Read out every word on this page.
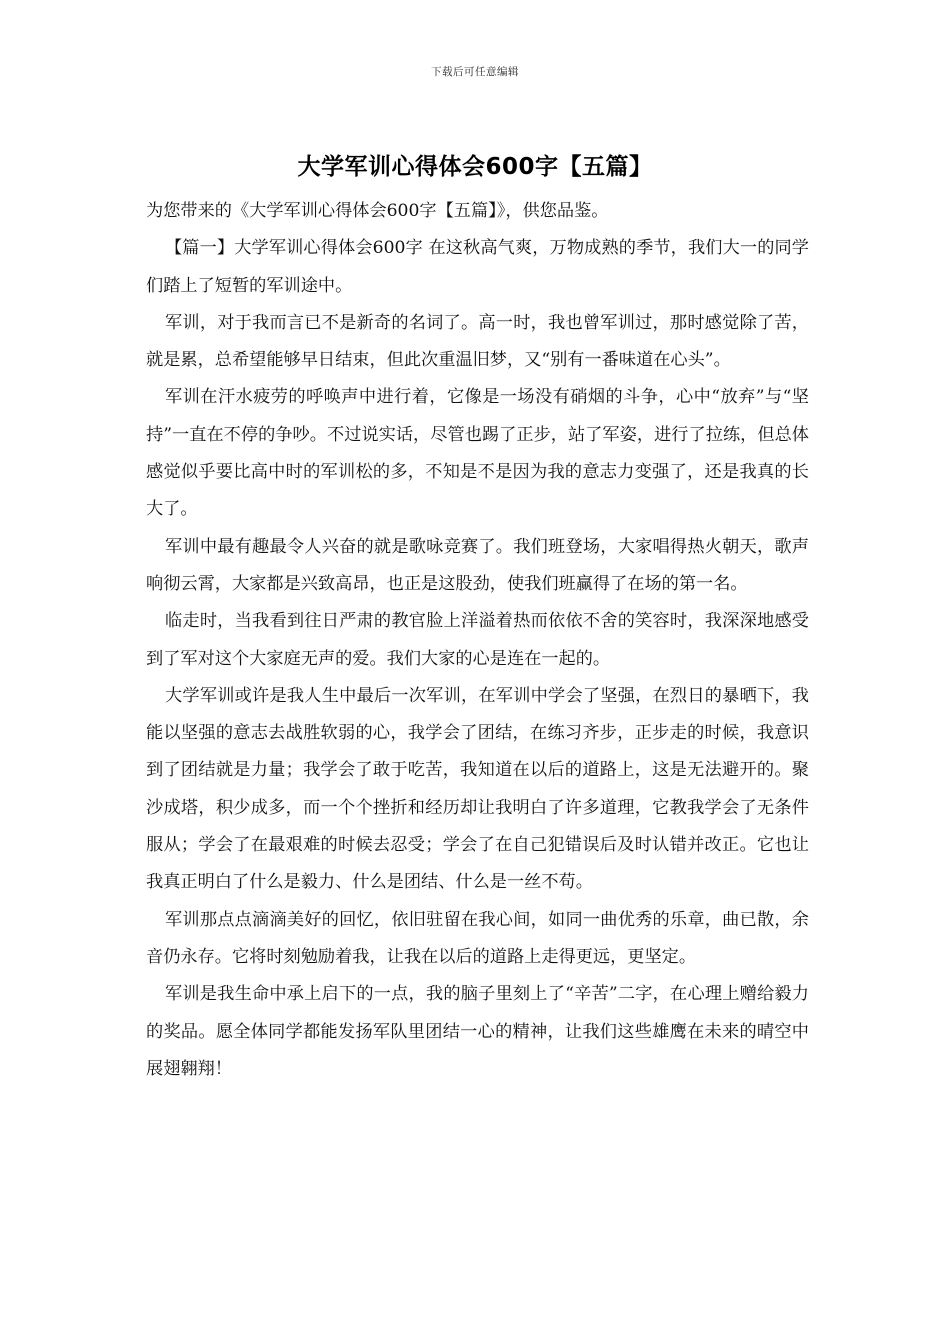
下载后可任意编辑
大学军训心得体会600字【五篇】

为您带来的《大学军训心得体会600字【五篇】》，供您品鉴。

【篇一】大学军训心得体会600字 在这秋高气爽，万物成熟的季节，我们大一的同学们踏上了短暂的军训途中。

军训，对于我而言已不是新奇的名词了。高一时，我也曾军训过，那时感觉除了苦，就是累，总希望能够早日结束，但此次重温旧梦，又“别有一番味道在心头”。

军训在汗水疲劳的呼唤声中进行着，它像是一场没有硝烟的斗争，心中“放弃”与“坚持”一直在不停的争吵。不过说实话，尽管也踢了正步，站了军姿，进行了拉练，但总体感觉似乎要比高中时的军训松的多，不知是不是因为我的意志力变强了，还是我真的长大了。

军训中最有趣最令人兴奋的就是歌咏竞赛了。我们班登场，大家唱得热火朝天，歌声响彻云霄，大家都是兴致高昂，也正是这股劲，使我们班赢得了在场的第一名。

临走时，当我看到往日严肃的教官脸上洋溢着热而依依不舍的笑容时，我深深地感受到了军对这个大家庭无声的爱。我们大家的心是连在一起的。

大学军训或许是我人生中最后一次军训，在军训中学会了坚强，在烈日的暴晒下，我能以坚强的意志去战胜软弱的心，我学会了团结，在练习齐步，正步走的时候，我意识到了团结就是力量；我学会了敢于吃苦，我知道在以后的道路上，这是无法避开的。聚沙成塔，积少成多，而一个个挫折和经历却让我明白了许多道理，它教我学会了无条件服从；学会了在最艰难的时候去忍受；学会了在自己犯错误后及时认错并改正。它也让我真正明白了什么是毅力、什么是团结、什么是一丝不苟。

军训那点点滴滴美好的回忆，依旧驻留在我心间，如同一曲优秀的乐章，曲已散，余音仍永存。它将时刻勉励着我，让我在以后的道路上走得更远，更坚定。

军训是我生命中承上启下的一点，我的脑子里刻上了“辛苦”二字，在心理上赠给毅力的奖品。愿全体同学都能发扬军队里团结一心的精神，让我们这些雄鹰在未来的晴空中展翅翱翔！
